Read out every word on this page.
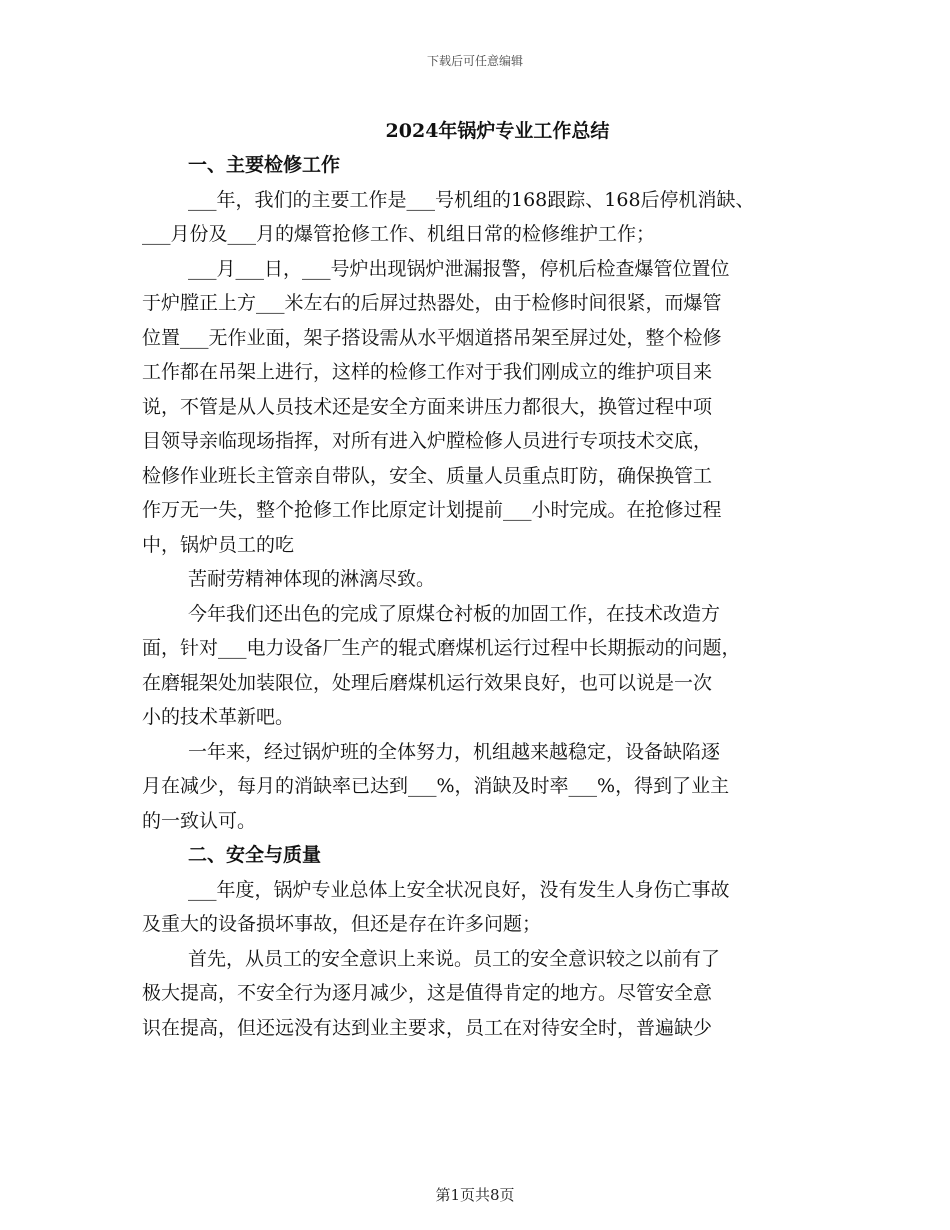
下载后可任意编辑
2024年锅炉专业工作总结

一、主要检修工作

___年，我们的主要工作是___号机组的168跟踪、168后停机消缺、

___月份及___月的爆管抢修工作、机组日常的检修维护工作；

___月___日，___号炉出现锅炉泄漏报警，停机后检查爆管位置位

于炉膛正上方___米左右的后屏过热器处，由于检修时间很紧，而爆管

位置___无作业面，架子搭设需从水平烟道搭吊架至屏过处，整个检修

工作都在吊架上进行，这样的检修工作对于我们刚成立的维护项目来

说，不管是从人员技术还是安全方面来讲压力都很大，换管过程中项

目领导亲临现场指挥，对所有进入炉膛检修人员进行专项技术交底，

检修作业班长主管亲自带队，安全、质量人员重点盯防，确保换管工

作万无一失，整个抢修工作比原定计划提前___小时完成。在抢修过程

中，锅炉员工的吃

苦耐劳精神体现的淋漓尽致。

今年我们还出色的完成了原煤仓衬板的加固工作，在技术改造方

面，针对___电力设备厂生产的辊式磨煤机运行过程中长期振动的问题，

在磨辊架处加装限位，处理后磨煤机运行效果良好，也可以说是一次

小的技术革新吧。

一年来，经过锅炉班的全体努力，机组越来越稳定，设备缺陷逐

月在减少，每月的消缺率已达到___%，消缺及时率___%，得到了业主

的一致认可。

二、安全与质量

___年度，锅炉专业总体上安全状况良好，没有发生人身伤亡事故

及重大的设备损坏事故，但还是存在许多问题；

首先，从员工的安全意识上来说。员工的安全意识较之以前有了

极大提高，不安全行为逐月减少，这是值得肯定的地方。尽管安全意

识在提高，但还远没有达到业主要求，员工在对待安全时，普遍缺少

第1页共8页
